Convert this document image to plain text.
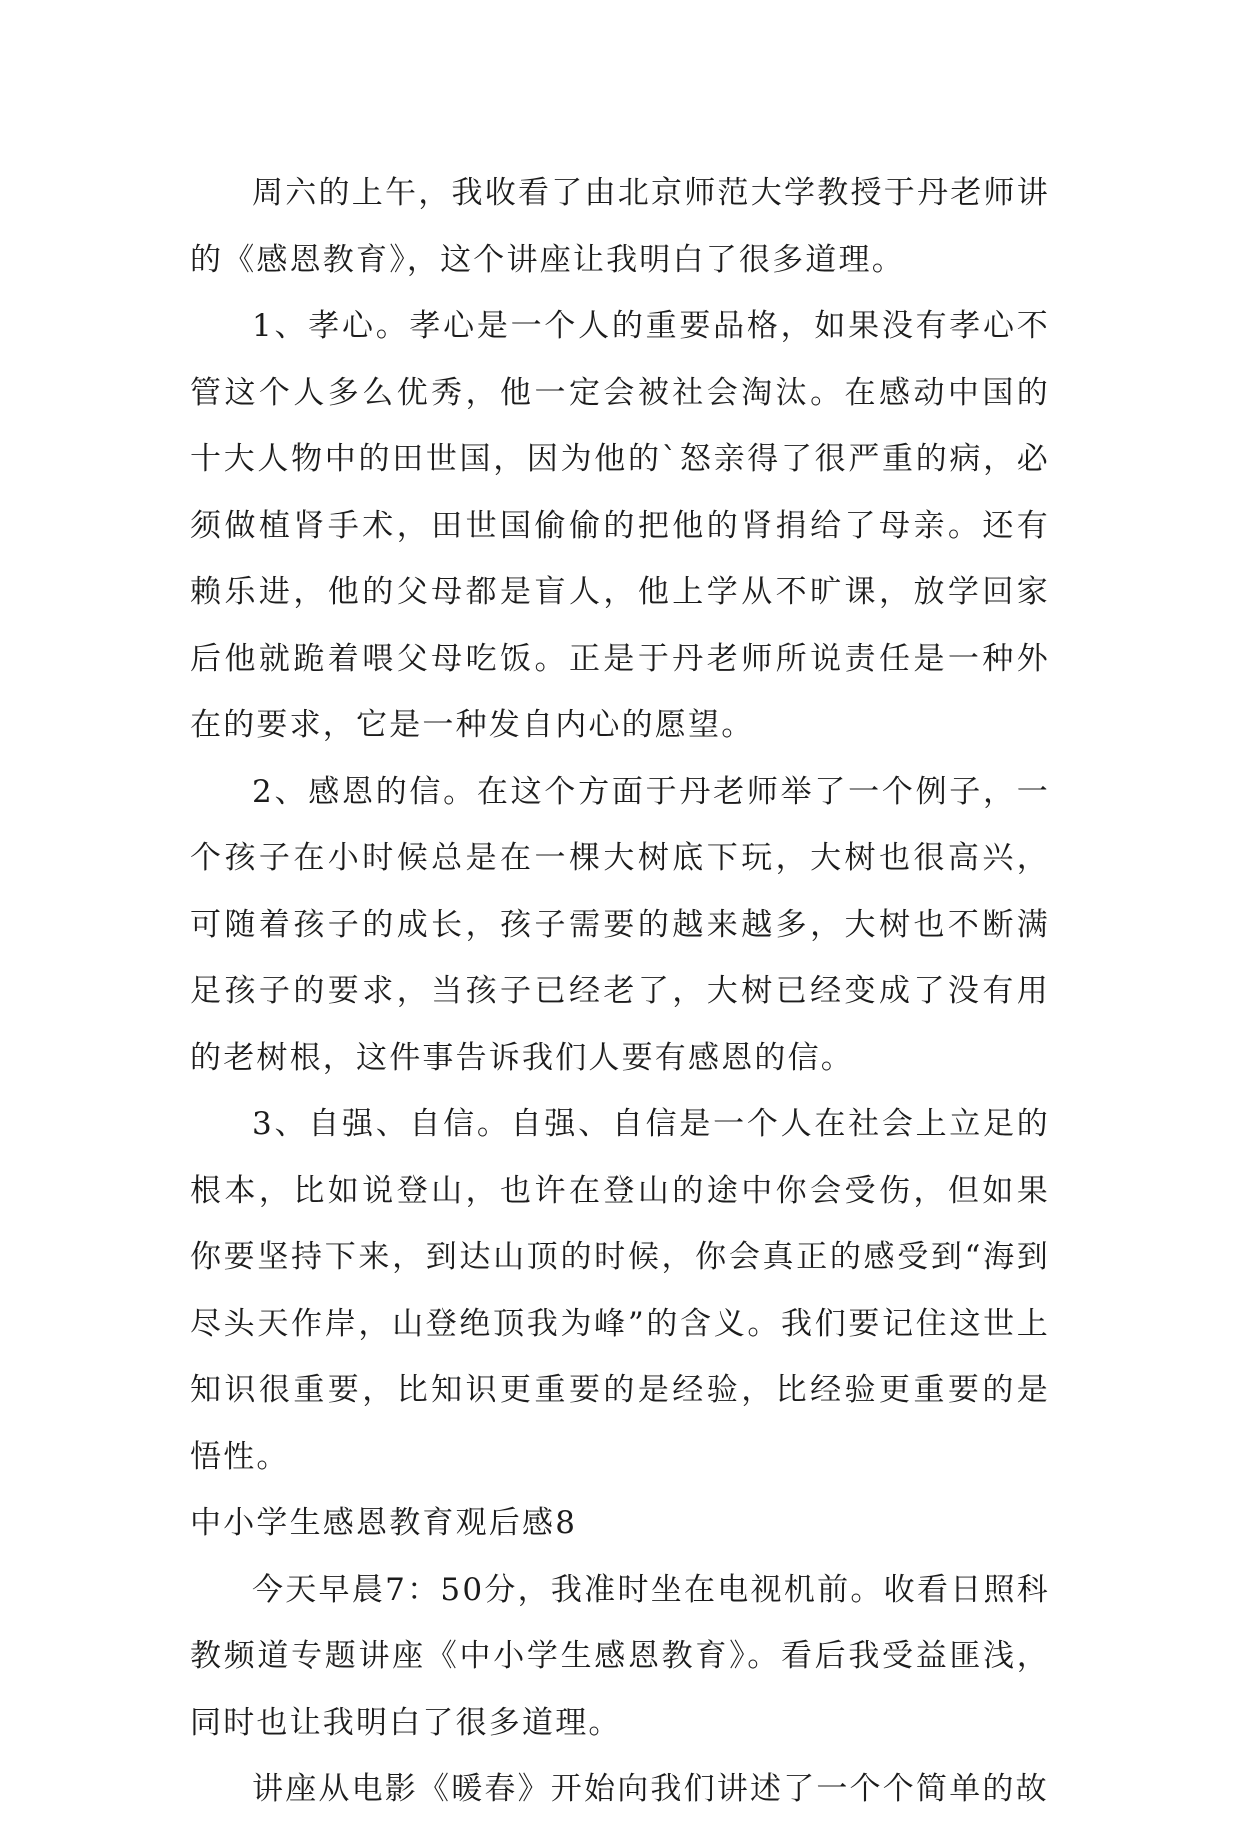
周六的上午，我收看了由北京师范大学教授于丹老师讲的《感恩教育》，这个讲座让我明白了很多道理。

1、孝心。孝心是一个人的重要品格，如果没有孝心不管这个人多么优秀，他一定会被社会淘汰。在感动中国的十大人物中的田世国，因为他的`怒亲得了很严重的病，必须做植肾手术，田世国偷偷的把他的肾捐给了母亲。还有赖乐进，他的父母都是盲人，他上学从不旷课，放学回家后他就跪着喂父母吃饭。正是于丹老师所说责任是一种外在的要求，它是一种发自内心的愿望。

2、感恩的信。在这个方面于丹老师举了一个例子，一个孩子在小时候总是在一棵大树底下玩，大树也很高兴，可随着孩子的成长，孩子需要的越来越多，大树也不断满足孩子的要求，当孩子已经老了，大树已经变成了没有用的老树根，这件事告诉我们人要有感恩的信。

3、自强、自信。自强、自信是一个人在社会上立足的根本，比如说登山，也许在登山的途中你会受伤，但如果你要坚持下来，到达山顶的时候，你会真正的感受到“海到尽头天作岸，山登绝顶我为峰”的含义。我们要记住这世上知识很重要，比知识更重要的是经验，比经验更重要的是悟性。

中小学生感恩教育观后感8

今天早晨7：50分，我准时坐在电视机前。收看日照科教频道专题讲座《中小学生感恩教育》。看后我受益匪浅，同时也让我明白了很多道理。

讲座从电影《暖春》开始向我们讲述了一个个简单的故
